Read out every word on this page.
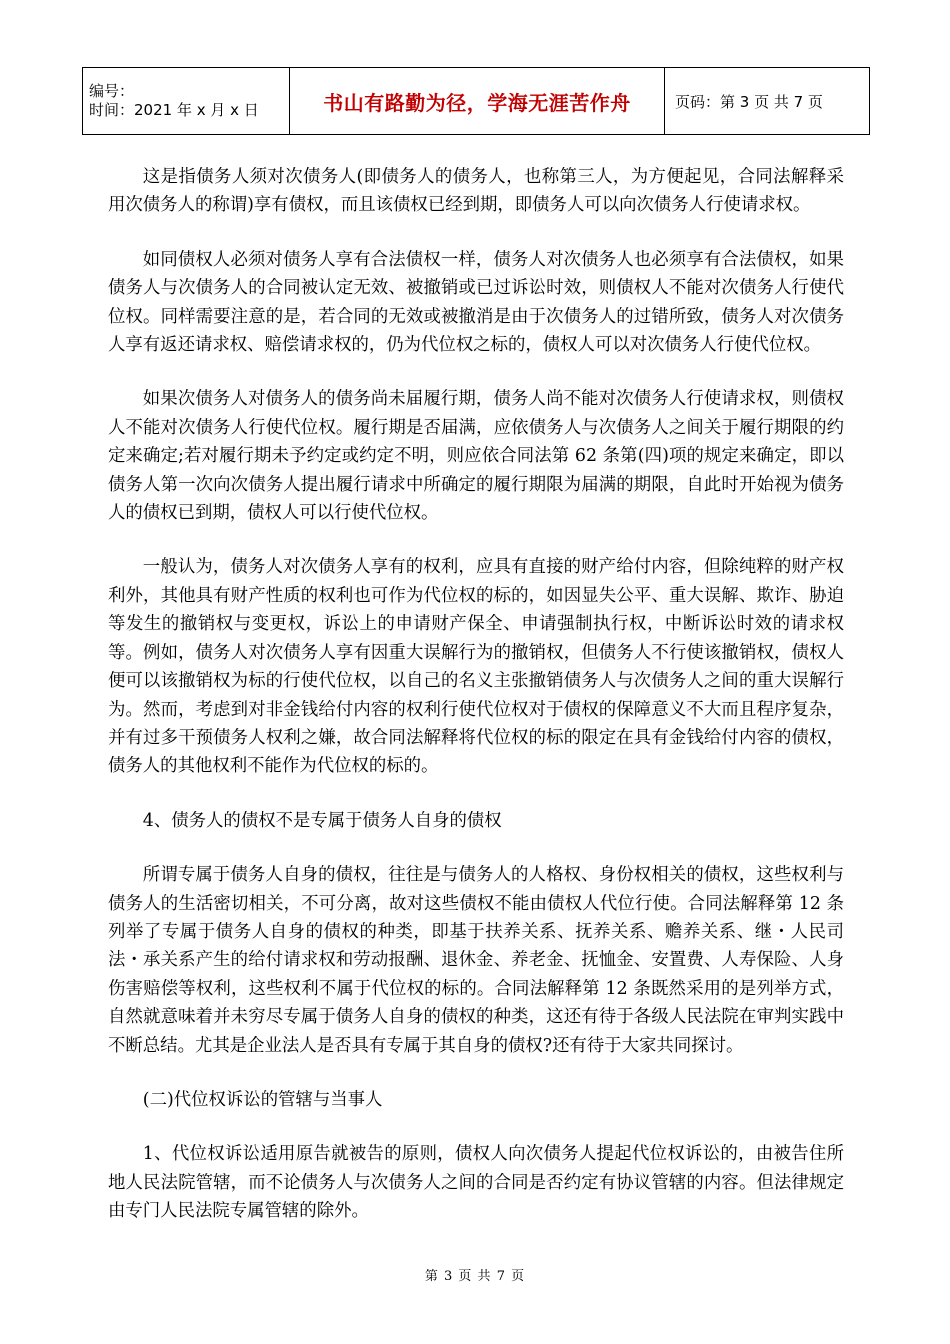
编号：
时间：2021 年 x 月 x 日	书山有路勤为径，学海无涯苦作舟	页码：第 3 页 共 7 页

这是指债务人须对次债务人(即债务人的债务人，也称第三人，为方便起见，合同法解释采用次债务人的称谓)享有债权，而且该债权已经到期，即债务人可以向次债务人行使请求权。

如同债权人必须对债务人享有合法债权一样，债务人对次债务人也必须享有合法债权，如果债务人与次债务人的合同被认定无效、被撤销或已过诉讼时效，则债权人不能对次债务人行使代位权。同样需要注意的是，若合同的无效或被撤消是由于次债务人的过错所致，债务人对次债务人享有返还请求权、赔偿请求权的，仍为代位权之标的，债权人可以对次债务人行使代位权。

如果次债务人对债务人的债务尚未届履行期，债务人尚不能对次债务人行使请求权，则债权人不能对次债务人行使代位权。履行期是否届满，应依债务人与次债务人之间关于履行期限的约定来确定;若对履行期未予约定或约定不明，则应依合同法第 62 条第(四)项的规定来确定，即以债务人第一次向次债务人提出履行请求中所确定的履行期限为届满的期限，自此时开始视为债务人的债权已到期，债权人可以行使代位权。

一般认为，债务人对次债务人享有的权利，应具有直接的财产给付内容，但除纯粹的财产权利外，其他具有财产性质的权利也可作为代位权的标的，如因显失公平、重大误解、欺诈、胁迫等发生的撤销权与变更权，诉讼上的申请财产保全、申请强制执行权，中断诉讼时效的请求权等。例如，债务人对次债务人享有因重大误解行为的撤销权，但债务人不行使该撤销权，债权人便可以该撤销权为标的行使代位权，以自己的名义主张撤销债务人与次债务人之间的重大误解行为。然而，考虑到对非金钱给付内容的权利行使代位权对于债权的保障意义不大而且程序复杂，并有过多干预债务人权利之嫌，故合同法解释将代位权的标的限定在具有金钱给付内容的债权，债务人的其他权利不能作为代位权的标的。

4、债务人的债权不是专属于债务人自身的债权

所谓专属于债务人自身的债权，往往是与债务人的人格权、身份权相关的债权，这些权利与债务人的生活密切相关，不可分离，故对这些债权不能由债权人代位行使。合同法解释第 12 条列举了专属于债务人自身的债权的种类，即基于扶养关系、抚养关系、赡养关系、继・人民司法・承关系产生的给付请求权和劳动报酬、退休金、养老金、抚恤金、安置费、人寿保险、人身伤害赔偿等权利，这些权利不属于代位权的标的。合同法解释第 12 条既然采用的是列举方式，自然就意味着并未穷尽专属于债务人自身的债权的种类，这还有待于各级人民法院在审判实践中不断总结。尤其是企业法人是否具有专属于其自身的债权?还有待于大家共同探讨。

(二)代位权诉讼的管辖与当事人

1、代位权诉讼适用原告就被告的原则，债权人向次债务人提起代位权诉讼的，由被告住所地人民法院管辖，而不论债务人与次债务人之间的合同是否约定有协议管辖的内容。但法律规定由专门人民法院专属管辖的除外。

第 3 页 共 7 页
